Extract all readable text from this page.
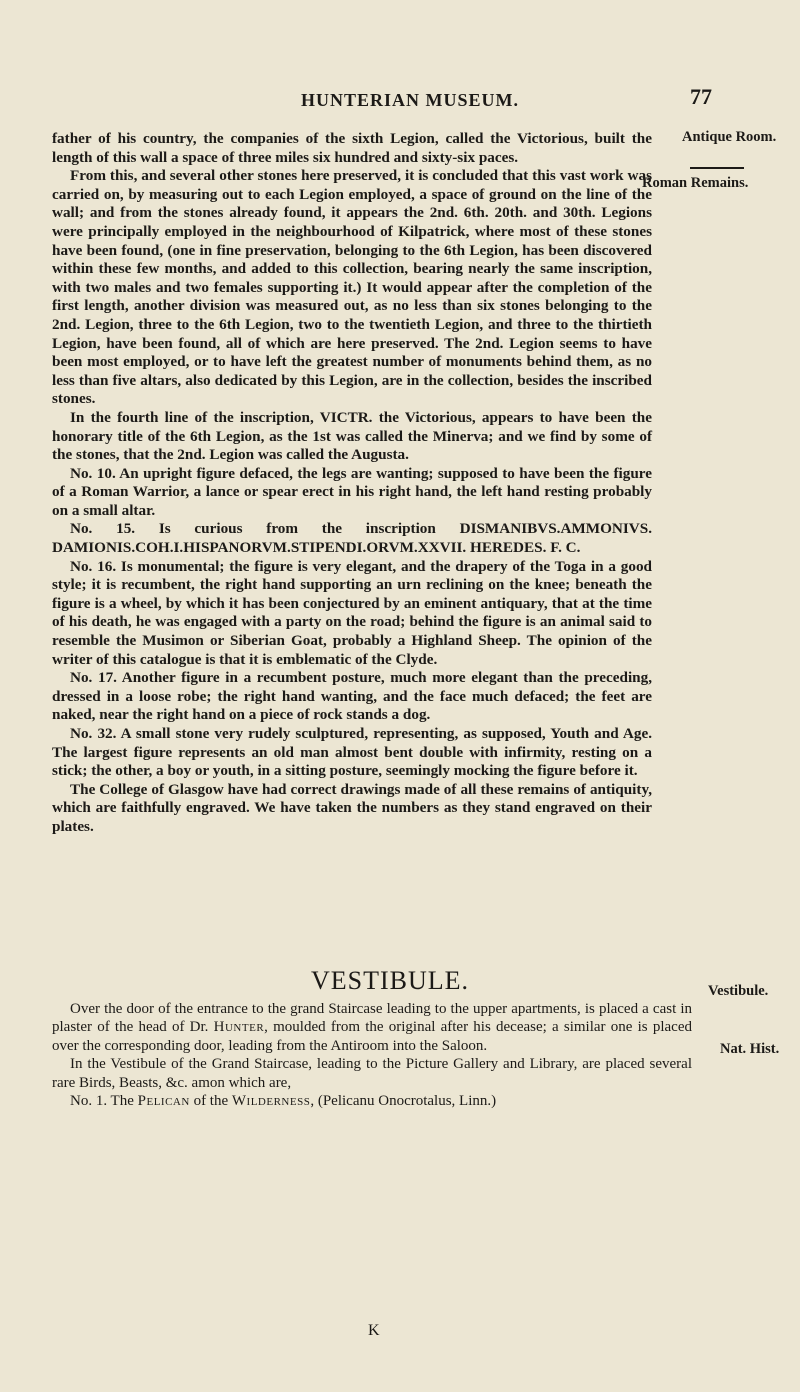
HUNTERIAN MUSEUM.	77
Antique Room.
Roman Remains.
Vestibule.
Nat. Hist.

father of his country, the companies of the sixth Legion, called the Victorious, built the length of this wall a space of three miles six hundred and sixty-six paces.

From this, and several other stones here preserved, it is concluded that this vast work was carried on, by measuring out to each Legion employed, a space of ground on the line of the wall; and from the stones already found, it appears the 2nd. 6th. 20th. and 30th. Legions were principally employed in the neighbourhood of Kilpatrick, where most of these stones have been found, (one in fine preservation, belonging to the 6th Legion, has been discovered within these few months, and added to this collection, bearing nearly the same inscription, with two males and two females supporting it.) It would appear after the completion of the first length, another division was measured out, as no less than six stones belonging to the 2nd. Legion, three to the 6th Legion, two to the twentieth Legion, and three to the thirtieth Legion, have been found, all of which are here preserved. The 2nd. Legion seems to have been most employed, or to have left the greatest number of monuments behind them, as no less than five altars, also dedicated by this Legion, are in the collection, besides the inscribed stones.

In the fourth line of the inscription, VICTR. the Victorious, appears to have been the honorary title of the 6th Legion, as the 1st was called the Minerva; and we find by some of the stones, that the 2nd. Legion was called the Augusta.

No. 10. An upright figure defaced, the legs are wanting; supposed to have been the figure of a Roman Warrior, a lance or spear erect in his right hand, the left hand resting probably on a small altar.

No. 15. Is curious from the inscription DISMANIBVS.AMMONIVS. DAMIONIS.COH.I.HISPANORVM.STIPENDI.ORVM.XXVII. HEREDES. F. C.

No. 16. Is monumental; the figure is very elegant, and the drapery of the Toga in a good style; it is recumbent, the right hand supporting an urn reclining on the knee; beneath the figure is a wheel, by which it has been conjectured by an eminent antiquary, that at the time of his death, he was engaged with a party on the road; behind the figure is an animal said to resemble the Musimon or Siberian Goat, probably a Highland Sheep. The opinion of the writer of this catalogue is that it is emblematic of the Clyde.

No. 17. Another figure in a recumbent posture, much more elegant than the preceding, dressed in a loose robe; the right hand wanting, and the face much defaced; the feet are naked, near the right hand on a piece of rock stands a dog.

No. 32. A small stone very rudely sculptured, representing, as supposed, Youth and Age. The largest figure represents an old man almost bent double with infirmity, resting on a stick; the other, a boy or youth, in a sitting posture, seemingly mocking the figure before it.

The College of Glasgow have had correct drawings made of all these remains of antiquity, which are faithfully engraved. We have taken the numbers as they stand engraved on their plates.

VESTIBULE.

Over the door of the entrance to the grand Staircase leading to the upper apartments, is placed a cast in plaster of the head of Dr. Hunter, moulded from the original after his decease; a similar one is placed over the corresponding door, leading from the Antiroom into the Saloon.

In the Vestibule of the Grand Staircase, leading to the Picture Gallery and Library, are placed several rare Birds, Beasts, &c. amon which are,

No. 1. The Pelican of the Wilderness, (Pelicanu Onocrotalus, Linn.)

K
